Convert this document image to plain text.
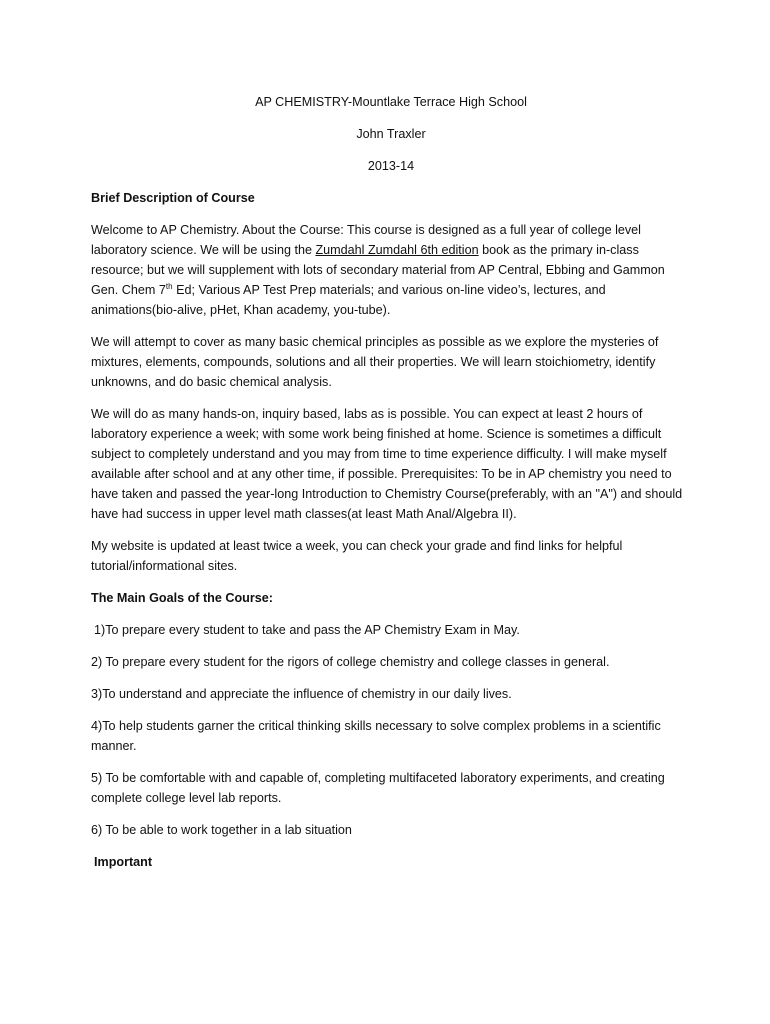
AP CHEMISTRY-Mountlake Terrace High School

John Traxler

2013-14

Brief Description of Course

Welcome to AP Chemistry. About the Course: This course is designed as a full year of college level laboratory science. We will be using the Zumdahl Zumdahl 6th edition book as the primary in-class resource; but we will supplement with lots of secondary material from AP Central, Ebbing and Gammon Gen. Chem 7th Ed; Various AP Test Prep materials; and various on-line video’s, lectures, and animations(bio-alive, pHet, Khan academy, you-tube).

We will attempt to cover as many basic chemical principles as possible as we explore the mysteries of mixtures, elements, compounds, solutions and all their properties. We will learn stoichiometry, identify unknowns, and do basic chemical analysis.

We will do as many hands-on, inquiry based, labs as is possible. You can expect at least 2 hours of laboratory experience a week; with some work being finished at home. Science is sometimes a difficult subject to completely understand and you may from time to time experience difficulty. I will make myself available after school and at any other time, if possible. Prerequisites: To be in AP chemistry you need to have taken and passed the year-long Introduction to Chemistry Course(preferably, with an "A") and should have had success in upper level math classes(at least Math Anal/Algebra II).

My website is updated at least twice a week, you can check your grade and find links for helpful tutorial/informational sites.

The Main Goals of the Course:

1)To prepare every student to take and pass the AP Chemistry Exam in May.

2) To prepare every student for the rigors of college chemistry and college classes in general.

3)To understand and appreciate the influence of chemistry in our daily lives.

4)To help students garner the critical thinking skills necessary to solve complex problems in a scientific manner.

5) To be comfortable with and capable of, completing multifaceted laboratory experiments, and creating complete college level lab reports.

6) To be able to work together in a lab situation

Important
